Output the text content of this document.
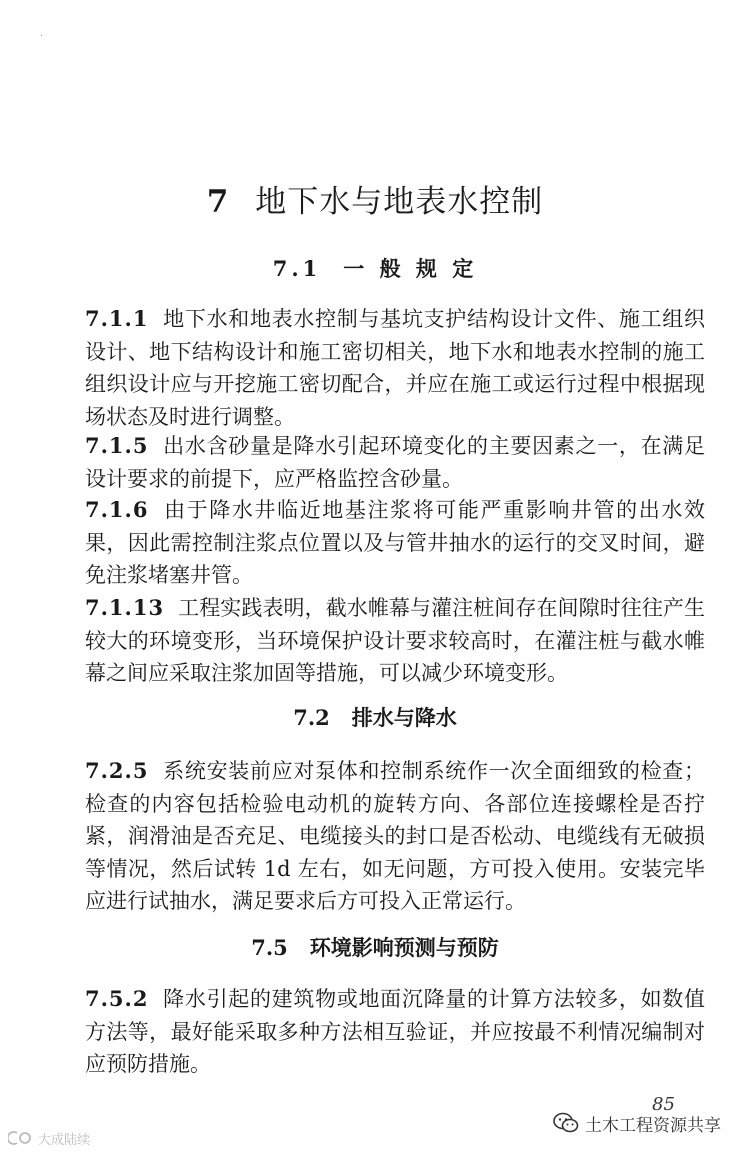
.
7 地下水与地表水控制
7.1 一 般 规 定

7.1.1 地下水和地表水控制与基坑支护结构设计文件、施工组织设计、地下结构设计和施工密切相关，地下水和地表水控制的施工组织设计应与开挖施工密切配合，并应在施工或运行过程中根据现场状态及时进行调整。

7.1.5 出水含砂量是降水引起环境变化的主要因素之一，在满足设计要求的前提下，应严格监控含砂量。

7.1.6 由于降水井临近地基注浆将可能严重影响井管的出水效果，因此需控制注浆点位置以及与管井抽水的运行的交叉时间，避免注浆堵塞井管。

7.1.13 工程实践表明，截水帷幕与灌注桩间存在间隙时往往产生较大的环境变形，当环境保护设计要求较高时，在灌注桩与截水帷幕之间应采取注浆加固等措施，可以减少环境变形。

7.2 排水与降水

7.2.5 系统安装前应对泵体和控制系统作一次全面细致的检查；检查的内容包括检验电动机的旋转方向、各部位连接螺栓是否拧紧，润滑油是否充足、电缆接头的封口是否松动、电缆线有无破损等情况，然后试转 1d 左右，如无问题，方可投入使用。安装完毕应进行试抽水，满足要求后方可投入正常运行。

7.5 环境影响预测与预防

7.5.2 降水引起的建筑物或地面沉降量的计算方法较多，如数值方法等，最好能采取多种方法相互验证，并应按最不利情况编制对应预防措施。

85
土木工程资源共享
大成陆续
